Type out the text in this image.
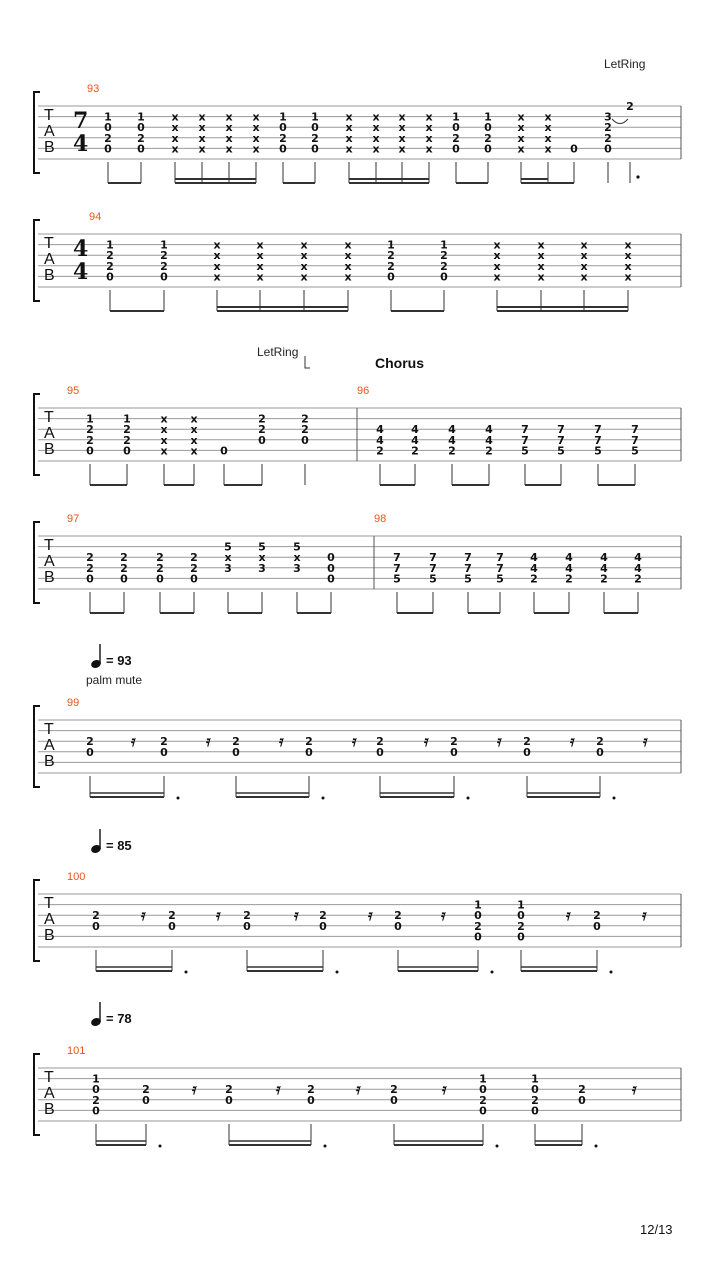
LetRing
LetRing
Chorus
palm mute
= 93
= 85
= 78
12/13
T
A
B
93
7
4
1
0
2
0
1
0
2
0
x
x
x
x
x
x
x
x
x
x
x
x
x
x
x
x
1
0
2
0
1
0
2
0
x
x
x
x
x
x
x
x
x
x
x
x
x
x
x
x
1
0
2
0
1
0
2
0
x
x
x
x
x
x
x
x 0
3
2
2
0
2
T
A
B
94
4
4
1
2
2
0
1
2
2
0
x
x
x
x
x
x
x
x
x
x
x
x
x
x
x
x
1
2
2
0
1
2
2
0
x
x
x
x
x
x
x
x
x
x
x
x
x
x
x
x
T
A
B
95
1
2
2
0
1
2
2
0
x
x
x
x
x
x
x
x 0
2
2
0
2
2
0
96
4
4
2
4
4
2
4
4
2
4
4
2
7
7
5
7
7
5
7
7
5
7
7
5
T
A
B
97
2
2
0
2
2
0
2
2
0
2
2
0
5
x
3
5
x
3
5
x
3
0
0
0
98
7
7
5
7
7
5
7
7
5
7
7
5
4
4
2
4
4
2
4
4
2
4
4
2
T
A
B
99
2
0
𝄿 2
0
𝄿 2
0
𝄿 2
0
𝄿 2
0
𝄿 2
0
𝄿 2
0
𝄿 2
0
𝄿
T
A
B
100
2
0
𝄿 2
0
𝄿 2
0
𝄿 2
0
𝄿 2
0
𝄿
1
0
2
0
1
0
2
0
𝄿 2
0
𝄿
T
A
B
101
1
0
2
0
2
0
𝄿	2
0
𝄿 2
0
𝄿	2
0
𝄿
1
0
2
0
1
0
2
0
2
0
𝄿
